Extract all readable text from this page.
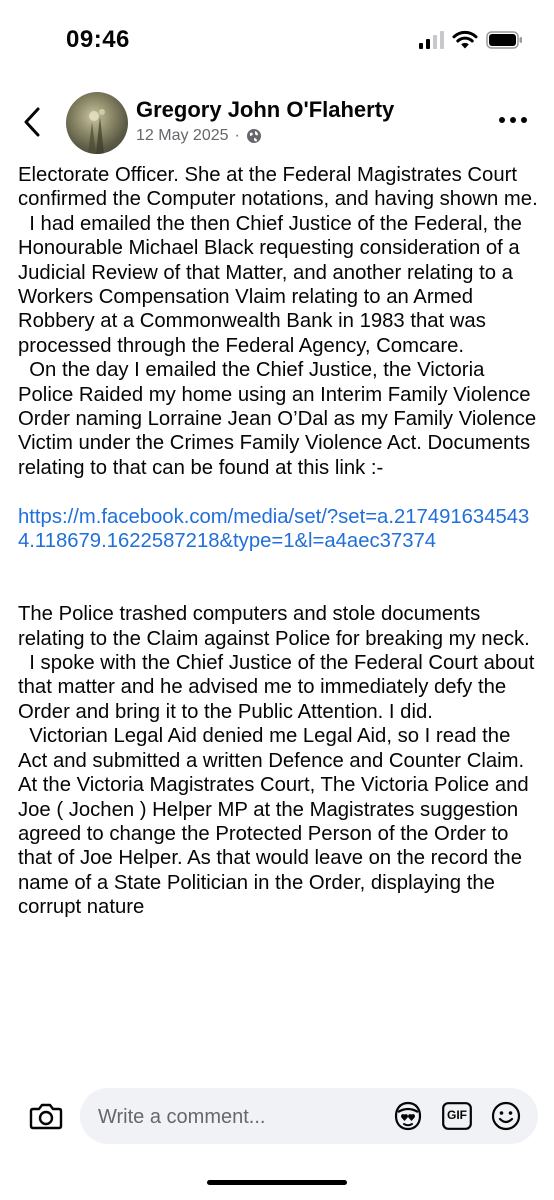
09:46
Gregory John O'Flaherty
12 May 2025 ·

Electorate Officer. She at the Federal Magistrates Court confirmed the Computer notations, and having shown me.

I had emailed the then Chief Justice of the Federal, the Honourable Michael Black requesting consideration of a Judicial Review of that Matter, and another relating to a Workers Compensation Vlaim relating to an Armed Robbery at a Commonwealth Bank in 1983 that was processed through the Federal Agency, Comcare.

On the day I emailed the Chief Justice, the Victoria Police Raided my home using an Interim Family Violence Order naming Lorraine Jean O’Dal as my Family Violence Victim under the Crimes Family Violence Act. Documents relating to that can be found at this link :-

https://m.facebook.com/media/set/?set=a.2174916345434.118679.1622587218&type=1&l=a4aec37374

The Police trashed computers and stole documents relating to the Claim against Police for breaking my neck.

I spoke with the Chief Justice of the Federal Court about that matter and he advised me to immediately defy the Order and bring it to the Public Attention. I did.

Victorian Legal Aid denied me Legal Aid, so I read the Act and submitted a written Defence and Counter Claim. At the Victoria Magistrates Court, The Victoria Police and Joe ( Jochen ) Helper MP at the Magistrates suggestion agreed to change the Protected Person of the Order to that of Joe Helper. As that would leave on the record the name of a State Politician in the Order, displaying the corrupt nature

Write a comment...
GIF
